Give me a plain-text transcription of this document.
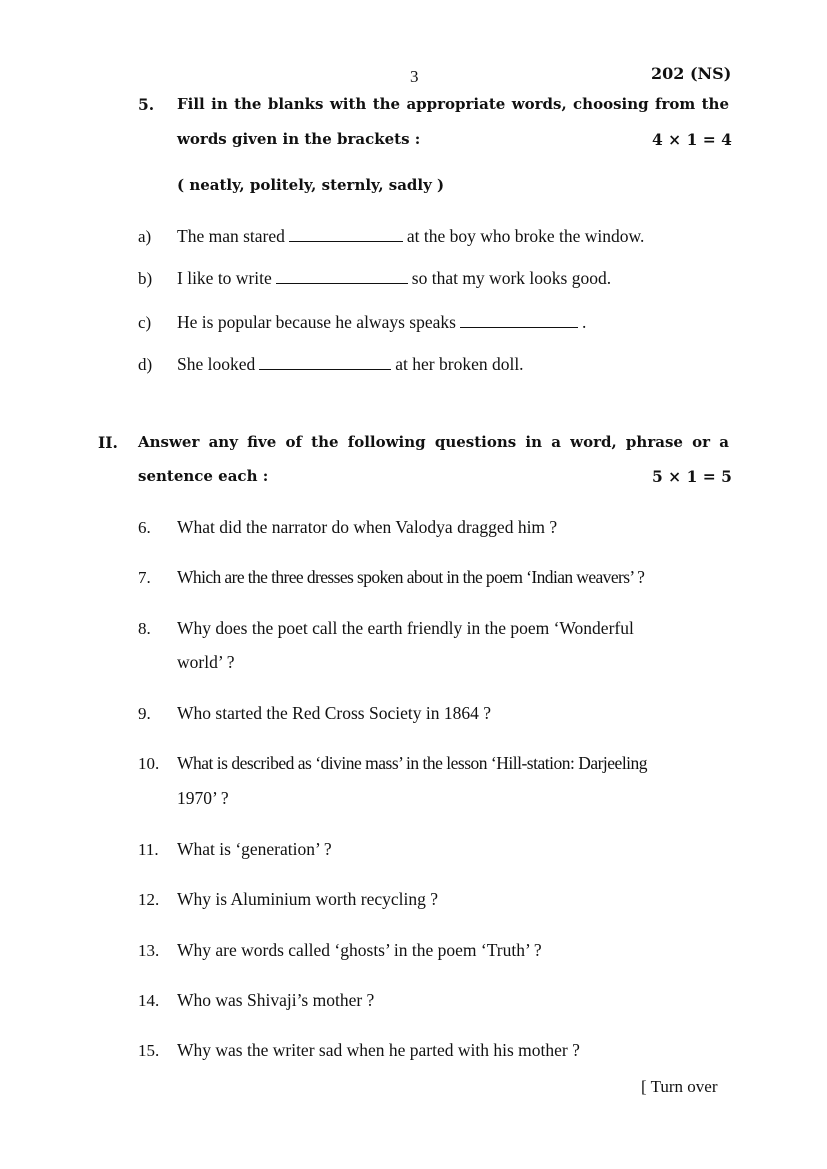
3	202 (NS)
5. Fill in the blanks with the appropriate words, choosing from the
words given in the brackets :	4 × 1 = 4
( neatly, politely, sternly, sadly )
a) The man stared	at the boy who broke the window.
b) I like to write	so that my work looks good.
c) He is popular because he always speaks	.
d) She looked	at her broken doll.
II. Answer any five of the following questions in a word, phrase or a
sentence each :	5 × 1 = 5
6. What did the narrator do when Valodya dragged him ?
7. Which are the three dresses spoken about in the poem ‘Indian weavers’ ?
8. Why does the poet call the earth friendly in the poem ‘Wonderful
world’ ?
9. Who started the Red Cross Society in 1864 ?
10. What is described as ‘divine mass’ in the lesson ‘Hill-station: Darjeeling
1970’ ?
11. What is ‘generation’ ?
12. Why is Aluminium worth recycling ?
13. Why are words called ‘ghosts’ in the poem ‘Truth’ ?
14. Who was Shivaji’s mother ?
15. Why was the writer sad when he parted with his mother ?
[ Turn over
